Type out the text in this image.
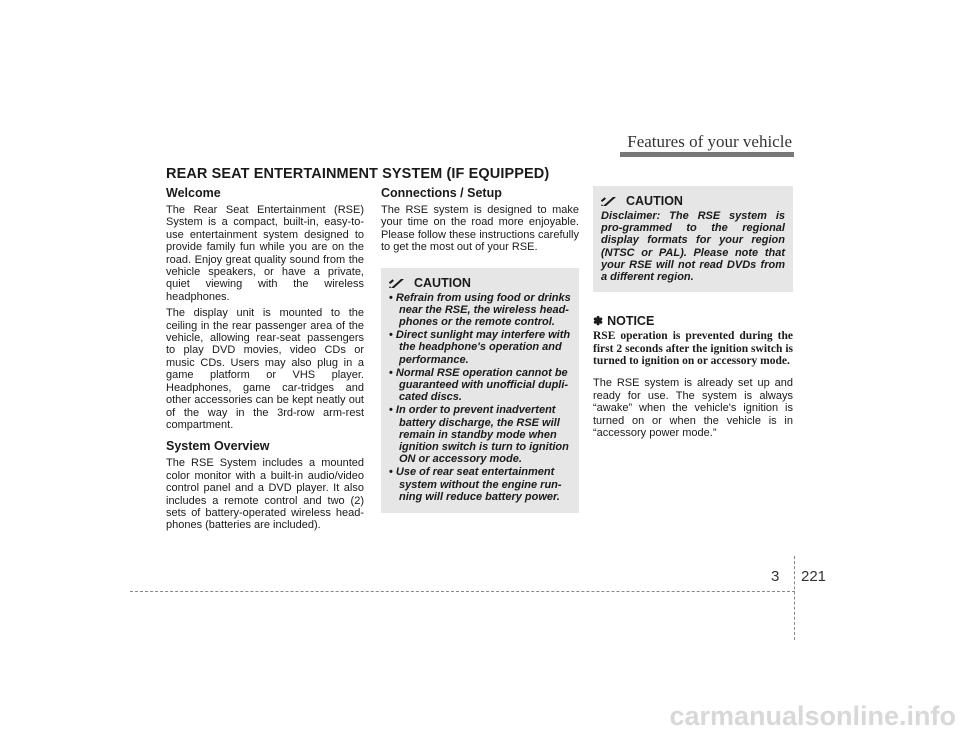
Features of your vehicle
REAR SEAT ENTERTAINMENT SYSTEM (IF EQUIPPED)
Welcome

The Rear Seat Entertainment (RSE) System is a compact, built-in, easy-to-use entertainment system designed to provide family fun while you are on the road. Enjoy great quality sound from the vehicle speakers, or have a private, quiet viewing with the wireless headphones.

The display unit is mounted to the ceiling in the rear passenger area of the vehicle, allowing rear-seat passengers to play DVD movies, video CDs or music CDs. Users may also plug in a game platform or VHS player. Headphones, game car-tridges and other accessories can be kept neatly out of the way in the 3rd-row arm-rest compartment.

System Overview

The RSE System includes a mounted color monitor with a built-in audio/video control panel and a DVD player. It also includes a remote control and two (2) sets of battery-operated wireless head-phones (batteries are included).

Connections / Setup

The RSE system is designed to make your time on the road more enjoyable. Please follow these instructions carefully to get the most out of your RSE.

CAUTION
• Refrain from using food or drinks near the RSE, the wireless head-phones or the remote control.
• Direct sunlight may interfere with the headphone's operation and performance.
• Normal RSE operation cannot be guaranteed with unofficial dupli-cated discs.
• In order to prevent inadvertent battery discharge, the RSE will remain in standby mode when ignition switch is turn to ignition ON or accessory mode.
• Use of rear seat entertainment system without the engine run-ning will reduce battery power.
CAUTION

Disclaimer: The RSE system is pro-grammed to the regional display formats for your region (NTSC or PAL). Please note that your RSE will not read DVDs from a different region.

✽ NOTICE

RSE operation is prevented during the first 2 seconds after the ignition switch is turned to ignition on or accessory mode.

The RSE system is already set up and ready for use. The system is always “awake” when the vehicle's ignition is turned on or when the vehicle is in “accessory power mode.”

3 221
carmanualsonline.info
